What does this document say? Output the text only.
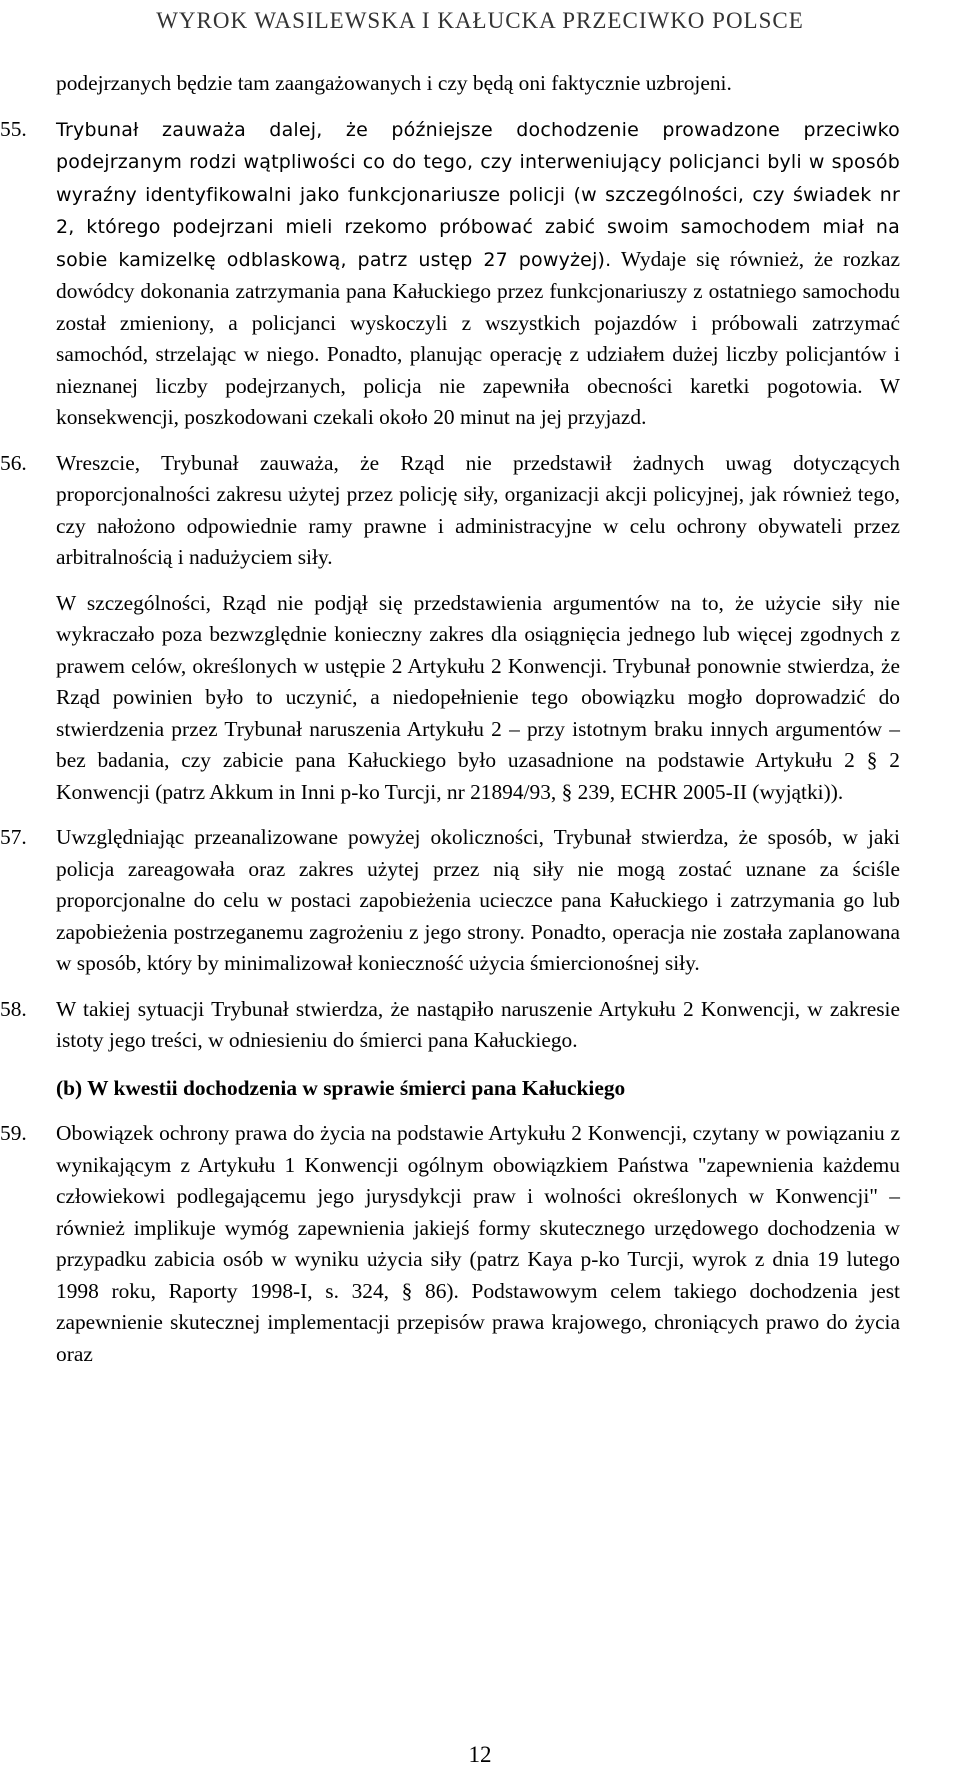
WYROK WASILEWSKA I KAŁUCKA PRZECIWKO POLSCE

podejrzanych będzie tam zaangażowanych i czy będą oni faktycznie uzbrojeni.

55.	Trybunał zauważa dalej, że późniejsze dochodzenie prowadzone przeciwko podejrzanym rodzi wątpliwości co do tego, czy interweniujący policjanci byli w sposób wyraźny identyfikowalni jako funkcjonariusze policji (w szczególności, czy świadek nr 2, którego podejrzani mieli rzekomo próbować zabić swoim samochodem miał na sobie kamizelkę odblaskową, patrz ustęp 27 powyżej). Wydaje się również, że rozkaz dowódcy dokonania zatrzymania pana Kałuckiego przez funkcjonariuszy z ostatniego samochodu został zmieniony, a policjanci wyskoczyli z wszystkich pojazdów i próbowali zatrzymać samochód, strzelając w niego. Ponadto, planując operację z udziałem dużej liczby policjantów i nieznanej liczby podejrzanych, policja nie zapewniła obecności karetki pogotowia. W konsekwencji, poszkodowani czekali około 20 minut na jej przyjazd.

56.	Wreszcie, Trybunał zauważa, że Rząd nie przedstawił żadnych uwag dotyczących proporcjonalności zakresu użytej przez policję siły, organizacji akcji policyjnej, jak również tego, czy nałożono odpowiednie ramy prawne i administracyjne w celu ochrony obywateli przez arbitralnością i nadużyciem siły.

W szczególności, Rząd nie podjął się przedstawienia argumentów na to, że użycie siły nie wykraczało poza bezwzględnie konieczny zakres dla osiągnięcia jednego lub więcej zgodnych z prawem celów, określonych w ustępie 2 Artykułu 2 Konwencji. Trybunał ponownie stwierdza, że Rząd powinien było to uczynić, a niedopełnienie tego obowiązku mogło doprowadzić do stwierdzenia przez Trybunał naruszenia Artykułu 2 – przy istotnym braku innych argumentów – bez badania, czy zabicie pana Kałuckiego było uzasadnione na podstawie Artykułu 2 § 2 Konwencji (patrz Akkum in Inni p-ko Turcji, nr 21894/93, § 239, ECHR 2005-II (wyjątki)).

57.	Uwzględniając przeanalizowane powyżej okoliczności, Trybunał stwierdza, że sposób, w jaki policja zareagowała oraz zakres użytej przez nią siły nie mogą zostać uznane za ściśle proporcjonalne do celu w postaci zapobieżenia ucieczce pana Kałuckiego i zatrzymania go lub zapobieżenia postrzeganemu zagrożeniu z jego strony. Ponadto, operacja nie została zaplanowana w sposób, który by minimalizował konieczność użycia śmiercionośnej siły.

58.	W takiej sytuacji Trybunał stwierdza, że nastąpiło naruszenie Artykułu 2 Konwencji, w zakresie istoty jego treści, w odniesieniu do śmierci pana Kałuckiego.

(b) W kwestii dochodzenia w sprawie śmierci pana Kałuckiego

59.	Obowiązek ochrony prawa do życia na podstawie Artykułu 2 Konwencji, czytany w powiązaniu z wynikającym z Artykułu 1 Konwencji ogólnym obowiązkiem Państwa "zapewnienia każdemu człowiekowi podlegającemu jego jurysdykcji praw i wolności określonych w Konwencji" – również implikuje wymóg zapewnienia jakiejś formy skutecznego urzędowego dochodzenia w przypadku zabicia osób w wyniku użycia siły (patrz Kaya p-ko Turcji, wyrok z dnia 19 lutego 1998 roku, Raporty 1998-I, s. 324, § 86). Podstawowym celem takiego dochodzenia jest zapewnienie skutecznej implementacji przepisów prawa krajowego, chroniących prawo do życia oraz

12
